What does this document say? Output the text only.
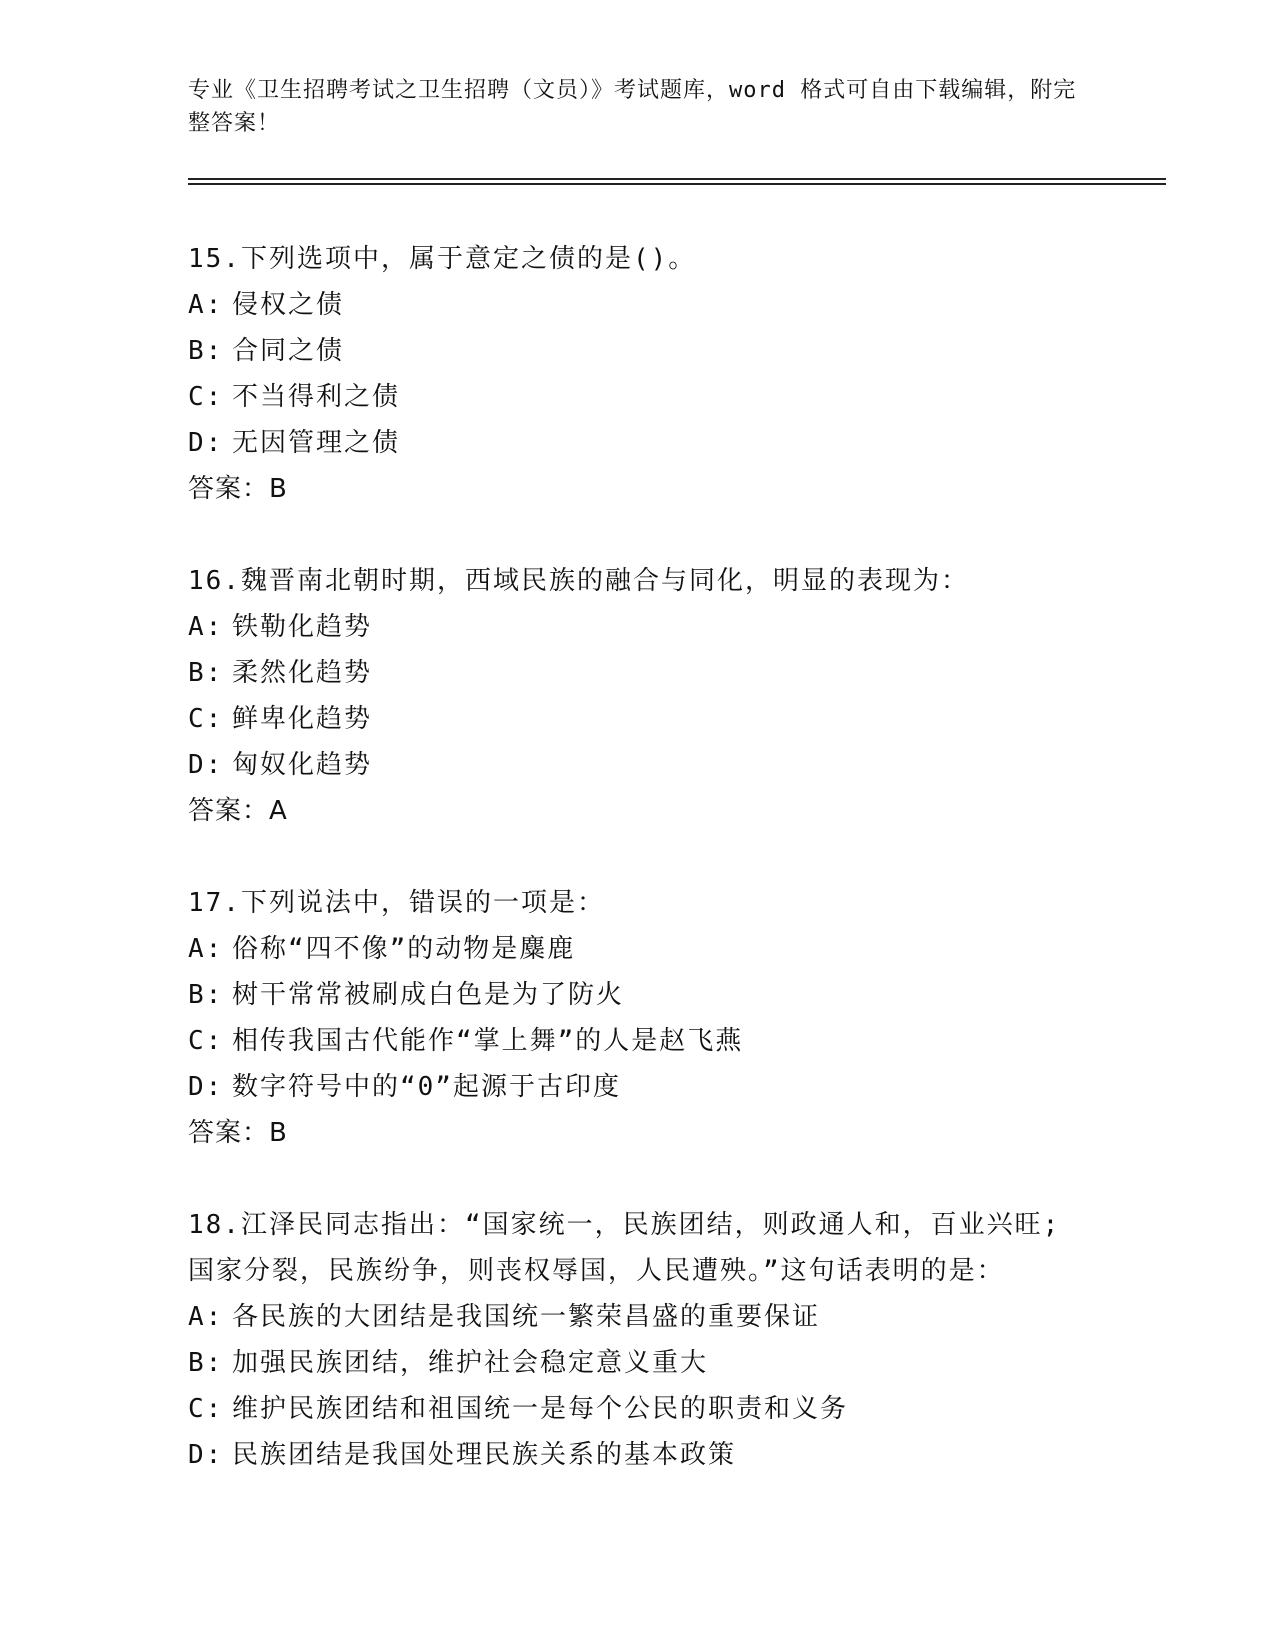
专业《卫生招聘考试之卫生招聘（文员）》考试题库，word 格式可自由下载编辑，附完整答案！
15.下列选项中，属于意定之债的是()。
A: 侵权之债
B: 合同之债
C: 不当得利之债
D: 无因管理之债
答案：B
16.魏晋南北朝时期，西域民族的融合与同化，明显的表现为：
A: 铁勒化趋势
B: 柔然化趋势
C: 鲜卑化趋势
D: 匈奴化趋势
答案：A
17.下列说法中，错误的一项是：
A: 俗称“四不像”的动物是麋鹿
B: 树干常常被刷成白色是为了防火
C: 相传我国古代能作“掌上舞”的人是赵飞燕
D: 数字符号中的“0”起源于古印度
答案：B
18.江泽民同志指出：“国家统一，民族团结，则政通人和，百业兴旺;国家分裂，民族纷争，则丧权辱国，人民遭殃。”这句话表明的是：
A: 各民族的大团结是我国统一繁荣昌盛的重要保证
B: 加强民族团结，维护社会稳定意义重大
C: 维护民族团结和祖国统一是每个公民的职责和义务
D: 民族团结是我国处理民族关系的基本政策
